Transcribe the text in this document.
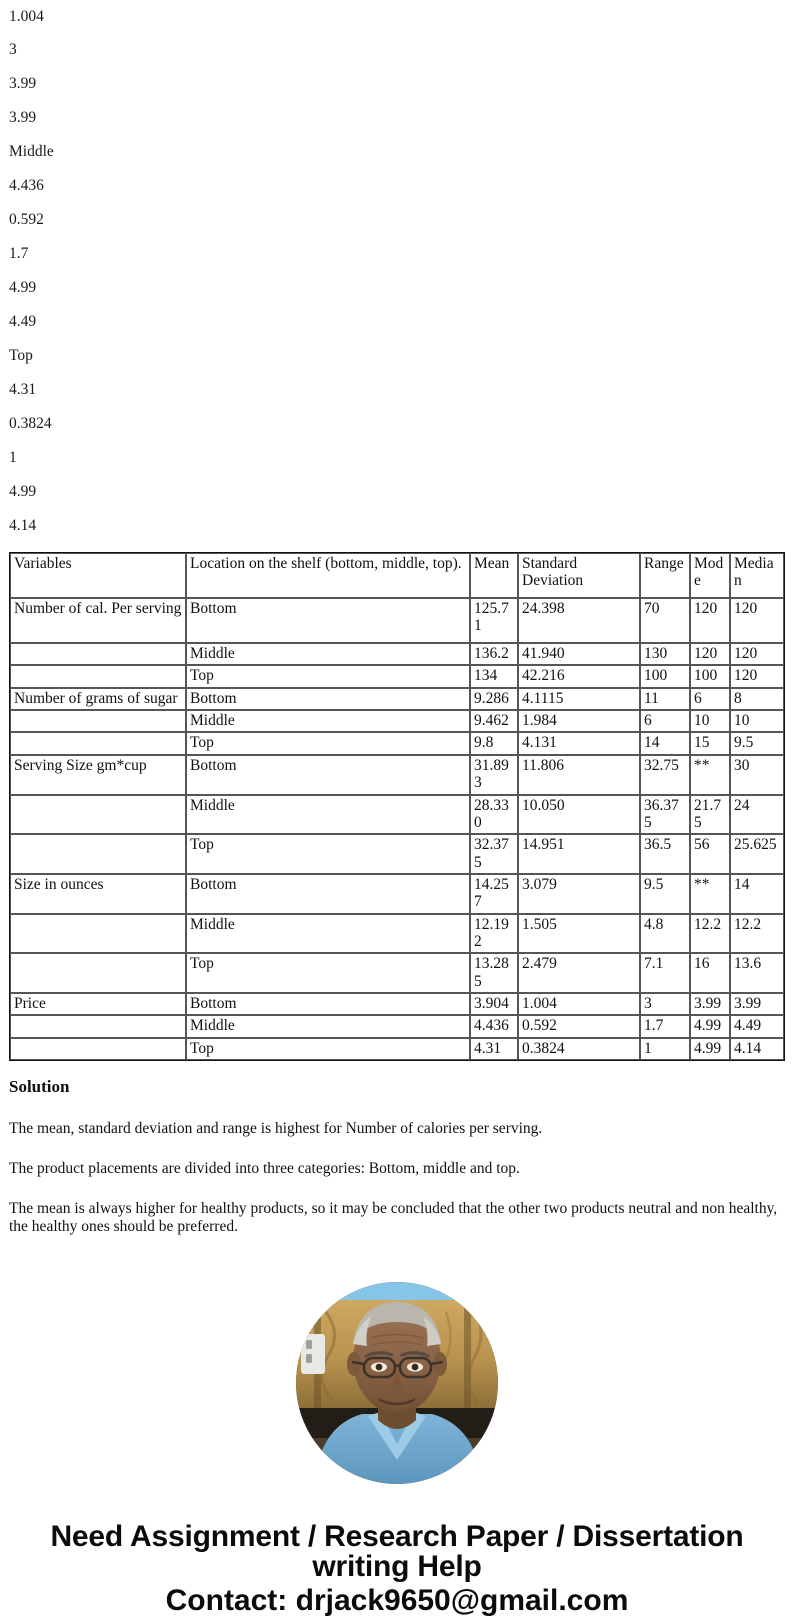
1.004
3
3.99
3.99
Middle
4.436
0.592
1.7
4.99
4.49
Top
4.31
0.3824
1
4.99
4.14
Variables	Location on the shelf (bottom, middle, top).	Mean	Standard Deviation	Range	Mode	Median
Number of cal. Per serving	Bottom	125.71	24.398	70	120	120
	Middle	136.2	41.940	130	120	120
	Top	134	42.216	100	100	120
Number of grams of sugar	Bottom	9.286	4.1115	11	6	8
	Middle	9.462	1.984	6	10	10
	Top	9.8	4.131	14	15	9.5
Serving Size gm*cup	Bottom	31.893	11.806	32.75	**	30
	Middle	28.330	10.050	36.375	21.75	24
	Top	32.375	14.951	36.5	56	25.625
Size in ounces	Bottom	14.257	3.079	9.5	**	14
	Middle	12.192	1.505	4.8	12.2	12.2
	Top	13.285	2.479	7.1	16	13.6
Price	Bottom	3.904	1.004	3	3.99	3.99
	Middle	4.436	0.592	1.7	4.99	4.49
	Top	4.31	0.3824	1	4.99	4.14
Solution

The mean, standard deviation and range is highest for Number of calories per serving.

The product placements are divided into three categories: Bottom, middle and top.

The mean is always higher for healthy products, so it may be concluded that the other two products neutral and non healthy, the healthy ones should be preferred.

Need Assignment / Research Paper / Dissertation writing Help
Contact: drjack9650@gmail.com
